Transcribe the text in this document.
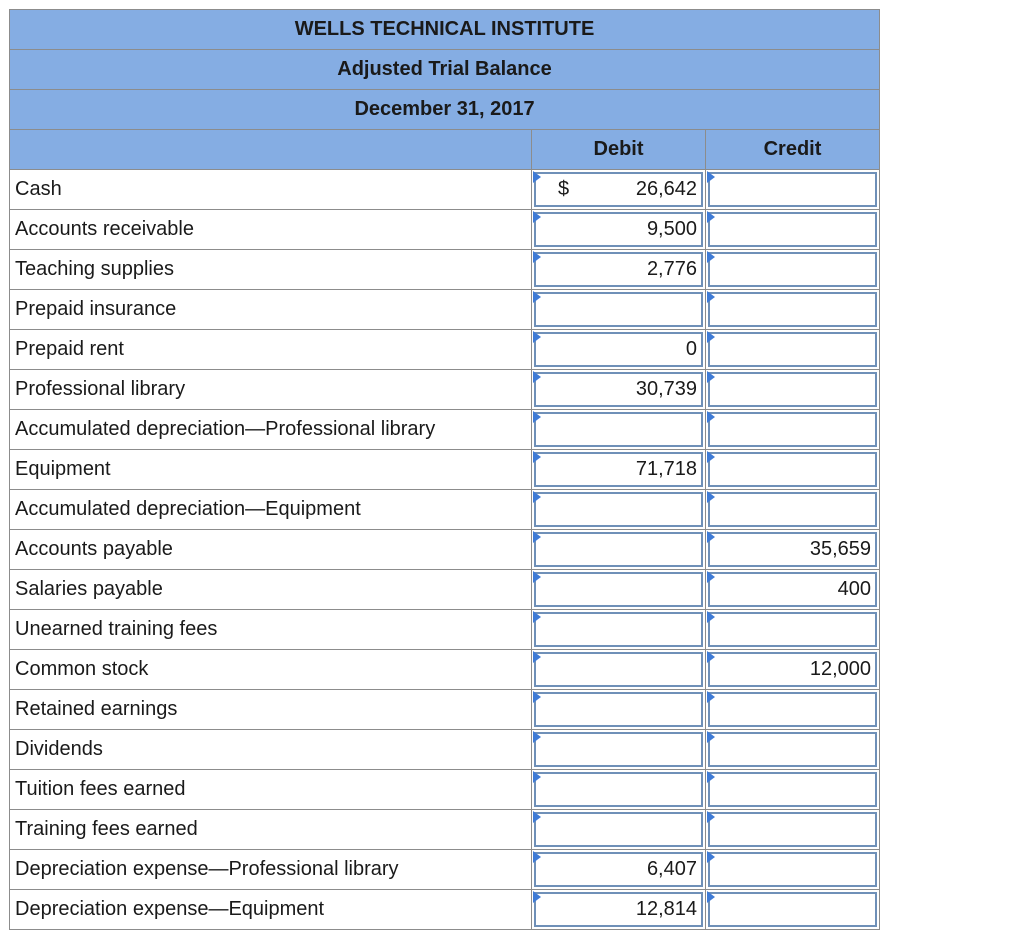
WELLS TECHNICAL INSTITUTE		
Adjusted Trial Balance		
December 31, 2017		
	Debit	Credit
Cash	$ 26,642	

Accounts receivable	9,500	

Teaching supplies	2,776	

Prepaid insurance	

Prepaid rent	0	

Professional library	30,739	

Accumulated depreciation—Professional library	

Equipment	71,718	

Accumulated depreciation—Equipment	

Accounts payable		35,659

Salaries payable		400

Unearned training fees	

Common stock		12,000

Retained earnings	

Dividends	

Tuition fees earned	

Training fees earned	

Depreciation expense—Professional library	6,407	

Depreciation expense—Equipment	12,814	
